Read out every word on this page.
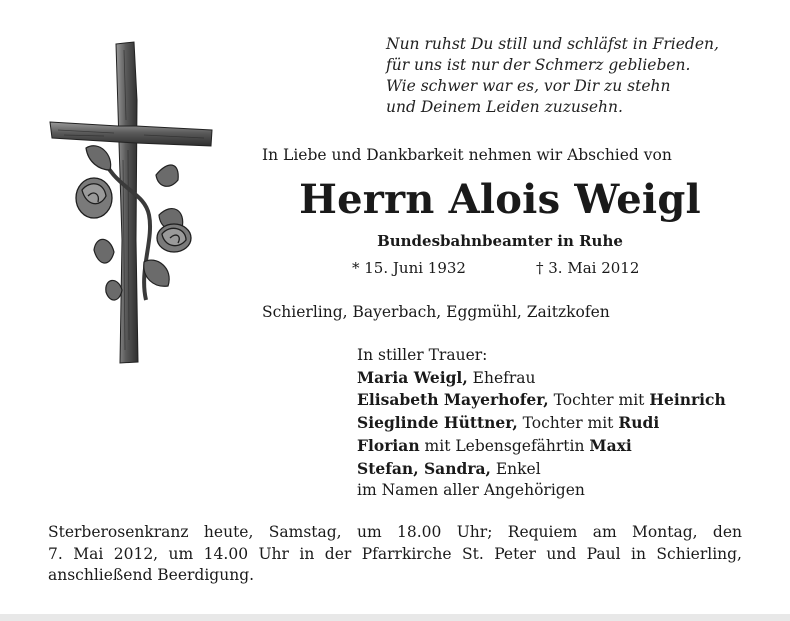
Nun ruhst Du still und schläfst in Frieden,
für uns ist nur der Schmerz geblieben.
Wie schwer war es, vor Dir zu stehn
und Deinem Leiden zuzusehn.
In Liebe und Dankbarkeit nehmen wir Abschied von
Herrn Alois Weigl
Bundesbahnbeamter in Ruhe
* 15. Juni 1932	† 3. Mai 2012
Schierling, Bayerbach, Eggmühl, Zaitzkofen
In stiller Trauer:
Maria Weigl, Ehefrau
Elisabeth Mayerhofer, Tochter mit Heinrich
Sieglinde Hüttner, Tochter mit Rudi
Florian mit Lebensgefährtin Maxi
Stefan, Sandra, Enkel
im Namen aller Angehörigen
Sterberosenkranz heute, Samstag, um 18.00 Uhr; Requiem am Montag, den
7. Mai 2012, um 14.00 Uhr in der Pfarrkirche St. Peter und Paul in Schierling,
anschließend Beerdigung.
